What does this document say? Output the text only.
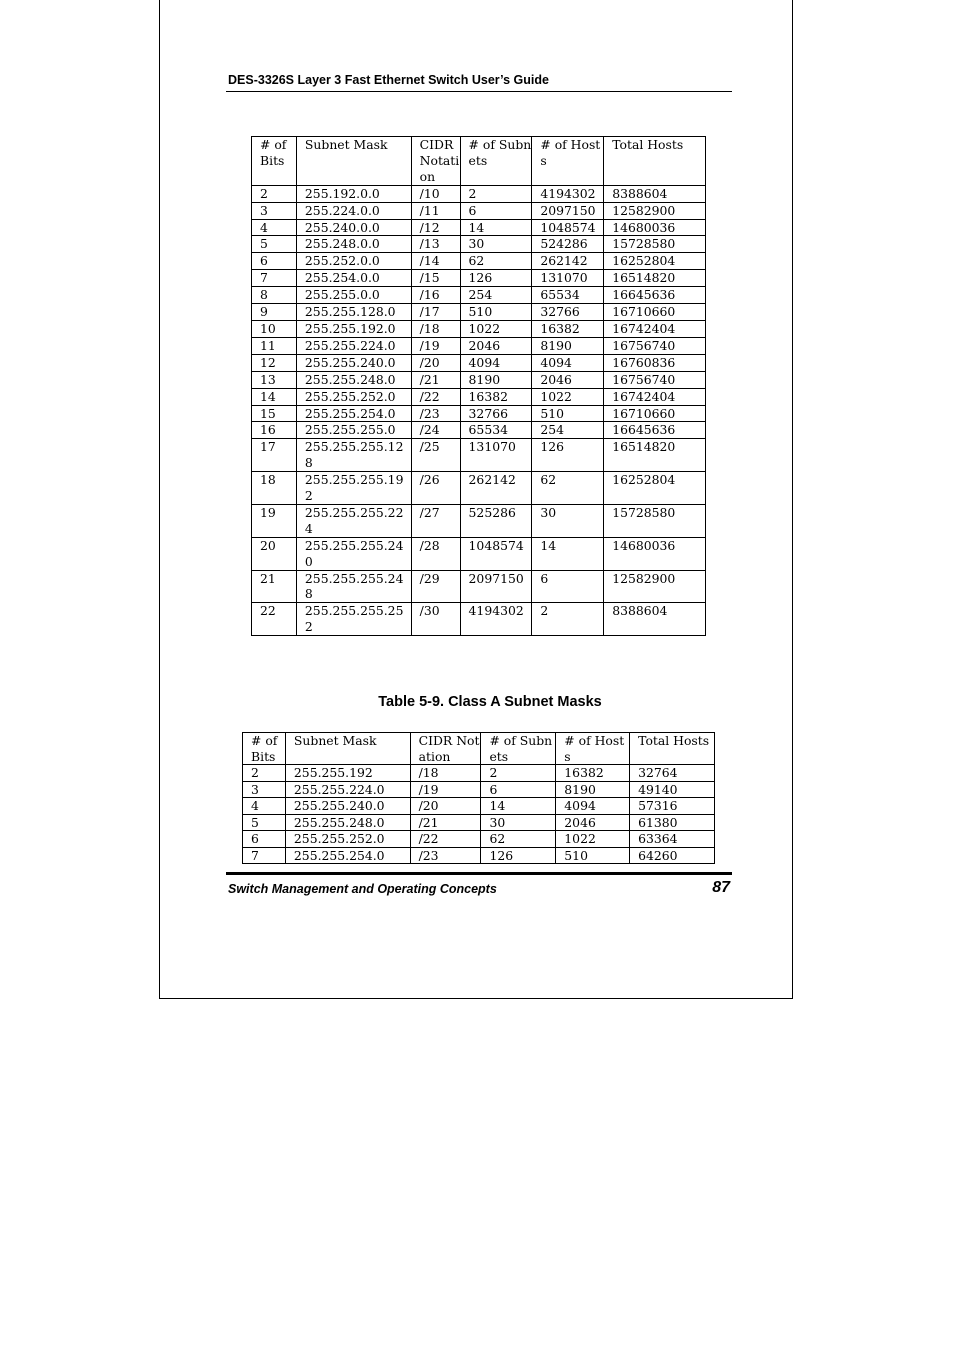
DES-3326S Layer 3 Fast Ethernet Switch User’s Guide
# of Bits	Subnet Mask	CIDR Notation	# of Subnets	# of Hosts	Total Hosts
2	255.192.0.0	/10	2	4194302	8388604
3	255.224.0.0	/11	6	2097150	12582900
4	255.240.0.0	/12	14	1048574	14680036
5	255.248.0.0	/13	30	524286	15728580
6	255.252.0.0	/14	62	262142	16252804
7	255.254.0.0	/15	126	131070	16514820
8	255.255.0.0	/16	254	65534	16645636
9	255.255.128.0	/17	510	32766	16710660
10	255.255.192.0	/18	1022	16382	16742404
11	255.255.224.0	/19	2046	8190	16756740
12	255.255.240.0	/20	4094	4094	16760836
13	255.255.248.0	/21	8190	2046	16756740
14	255.255.252.0	/22	16382	1022	16742404
15	255.255.254.0	/23	32766	510	16710660
16	255.255.255.0	/24	65534	254	16645636
17	255.255.255.128	/25	131070	126	16514820
18	255.255.255.192	/26	262142	62	16252804
19	255.255.255.224	/27	525286	30	15728580
20	255.255.255.240	/28	1048574	14	14680036
21	255.255.255.248	/29	2097150	6	12582900
22	255.255.255.252	/30	4194302	2	8388604
Table 5-9. Class A Subnet Masks
# of Bits	Subnet Mask	CIDR Notation	# of Subnets	# of Hosts	Total Hosts
2	255.255.192	/18	2	16382	32764
3	255.255.224.0	/19	6	8190	49140
4	255.255.240.0	/20	14	4094	57316
5	255.255.248.0	/21	30	2046	61380
6	255.255.252.0	/22	62	1022	63364
7	255.255.254.0	/23	126	510	64260
Switch Management and Operating Concepts	87
